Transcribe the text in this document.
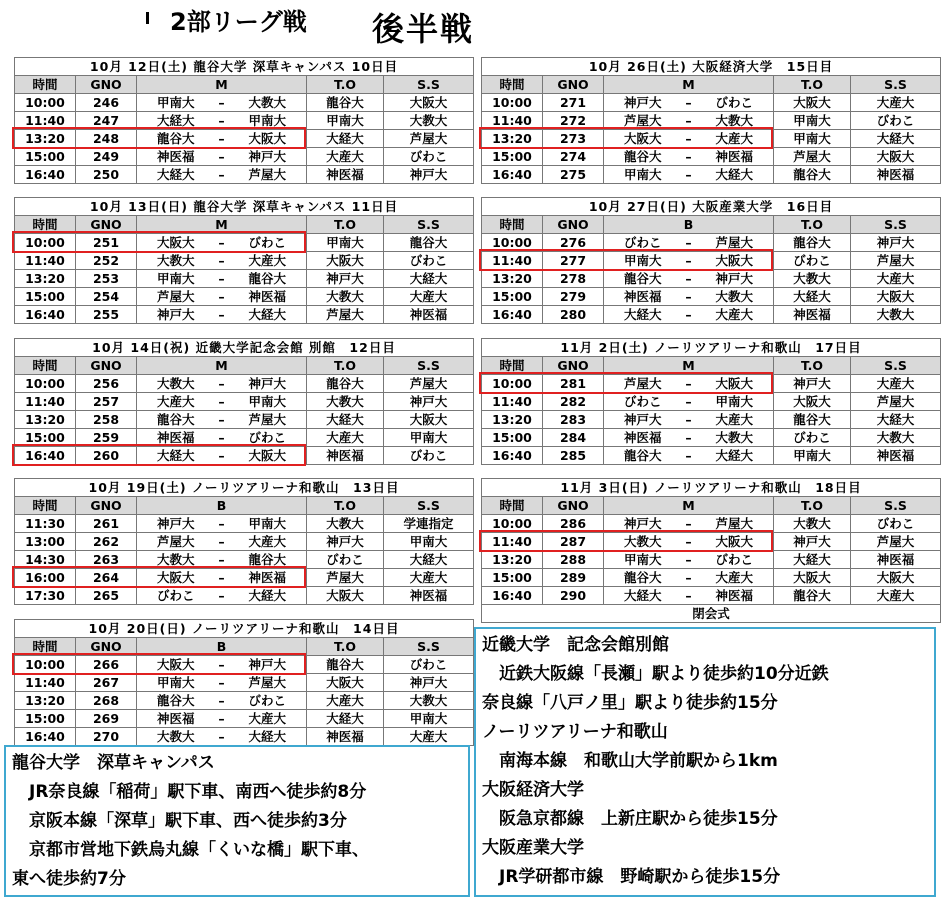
2部リーグ戦 後半戦
10月 12日(土) 龍谷大学 深草キャンパス 10日目						
時間	GNO	M			T.O	S.S
10:00	246	甲南大	–	大教大	龍谷大	大阪大
11:40	247	大経大	–	甲南大	甲南大	大教大
13:20	248	龍谷大	–	大阪大	大経大	芦屋大
15:00	249	神医福	–	神戸大	大産大	びわこ
16:40	250	大経大	–	芦屋大	神医福	神戸大
10月 13日(日) 龍谷大学 深草キャンパス 11日目						
時間	GNO	M			T.O	S.S
10:00	251	大阪大	–	びわこ	甲南大	龍谷大
11:40	252	大教大	–	大産大	大阪大	びわこ
13:20	253	甲南大	–	龍谷大	神戸大	大経大
15:00	254	芦屋大	–	神医福	大教大	大産大
16:40	255	神戸大	–	大経大	芦屋大	神医福
10月 14日(祝) 近畿大学記念会館 別館　12日目						
時間	GNO	M			T.O	S.S
10:00	256	大教大	–	神戸大	龍谷大	芦屋大
11:40	257	大産大	–	甲南大	大教大	神戸大
13:20	258	龍谷大	–	芦屋大	大経大	大阪大
15:00	259	神医福	–	びわこ	大産大	甲南大
16:40	260	大経大	–	大阪大	神医福	びわこ
10月 19日(土) ノーリツアリーナ和歌山　13日目						
時間	GNO	B			T.O	S.S
11:30	261	神戸大	–	甲南大	大教大	学連指定
13:00	262	芦屋大	–	大産大	神戸大	甲南大
14:30	263	大教大	–	龍谷大	びわこ	大経大
16:00	264	大阪大	–	神医福	芦屋大	大産大
17:30	265	びわこ	–	大経大	大阪大	神医福
10月 20日(日) ノーリツアリーナ和歌山　14日目						
時間	GNO	B			T.O	S.S
10:00	266	大阪大	–	神戸大	龍谷大	びわこ
11:40	267	甲南大	–	芦屋大	大阪大	神戸大
13:20	268	龍谷大	–	びわこ	大産大	大教大
15:00	269	神医福	–	大産大	大経大	甲南大
16:40	270	大教大	–	大経大	神医福	大産大
10月 26日(土) 大阪経済大学　15日目						
時間	GNO	M			T.O	S.S
10:00	271	神戸大	–	びわこ	大阪大	大産大
11:40	272	芦屋大	–	大教大	甲南大	びわこ
13:20	273	大阪大	–	大産大	甲南大	大経大
15:00	274	龍谷大	–	神医福	芦屋大	大阪大
16:40	275	甲南大	–	大経大	龍谷大	神医福
10月 27日(日) 大阪産業大学　16日目						
時間	GNO	B			T.O	S.S
10:00	276	びわこ	–	芦屋大	龍谷大	神戸大
11:40	277	甲南大	–	大阪大	びわこ	芦屋大
13:20	278	龍谷大	–	神戸大	大教大	大産大
15:00	279	神医福	–	大教大	大経大	大阪大
16:40	280	大経大	–	大産大	神医福	大教大
11月 2日(土) ノーリツアリーナ和歌山　17日目						
時間	GNO	M			T.O	S.S
10:00	281	芦屋大	–	大阪大	神戸大	大産大
11:40	282	びわこ	–	甲南大	大阪大	芦屋大
13:20	283	神戸大	–	大産大	龍谷大	大経大
15:00	284	神医福	–	大教大	びわこ	大教大
16:40	285	龍谷大	–	大経大	甲南大	神医福
11月 3日(日) ノーリツアリーナ和歌山　18日目						
時間	GNO	M			T.O	S.S
10:00	286	神戸大	–	芦屋大	大教大	びわこ
11:40	287	大教大	–	大阪大	神戸大	芦屋大
13:20	288	甲南大	–	びわこ	大経大	神医福
15:00	289	龍谷大	–	大産大	大阪大	大阪大
16:40	290	大経大	–	神医福	龍谷大	大産大
閉会式						
龍谷大学　深草キャンパス
　JR奈良線「稲荷」駅下車、南西へ徒歩約8分
　京阪本線「深草」駅下車、西へ徒歩約3分
　京都市営地下鉄烏丸線「くいな橋」駅下車、
東へ徒歩約7分
近畿大学　記念会館別館
　近鉄大阪線「長瀬」駅より徒歩約10分近鉄
奈良線「八戸ノ里」駅より徒歩約15分
ノーリツアリーナ和歌山
　南海本線　和歌山大学前駅から1km
大阪経済大学
　阪急京都線　上新庄駅から徒歩15分
大阪産業大学
　JR学研都市線　野崎駅から徒歩15分
